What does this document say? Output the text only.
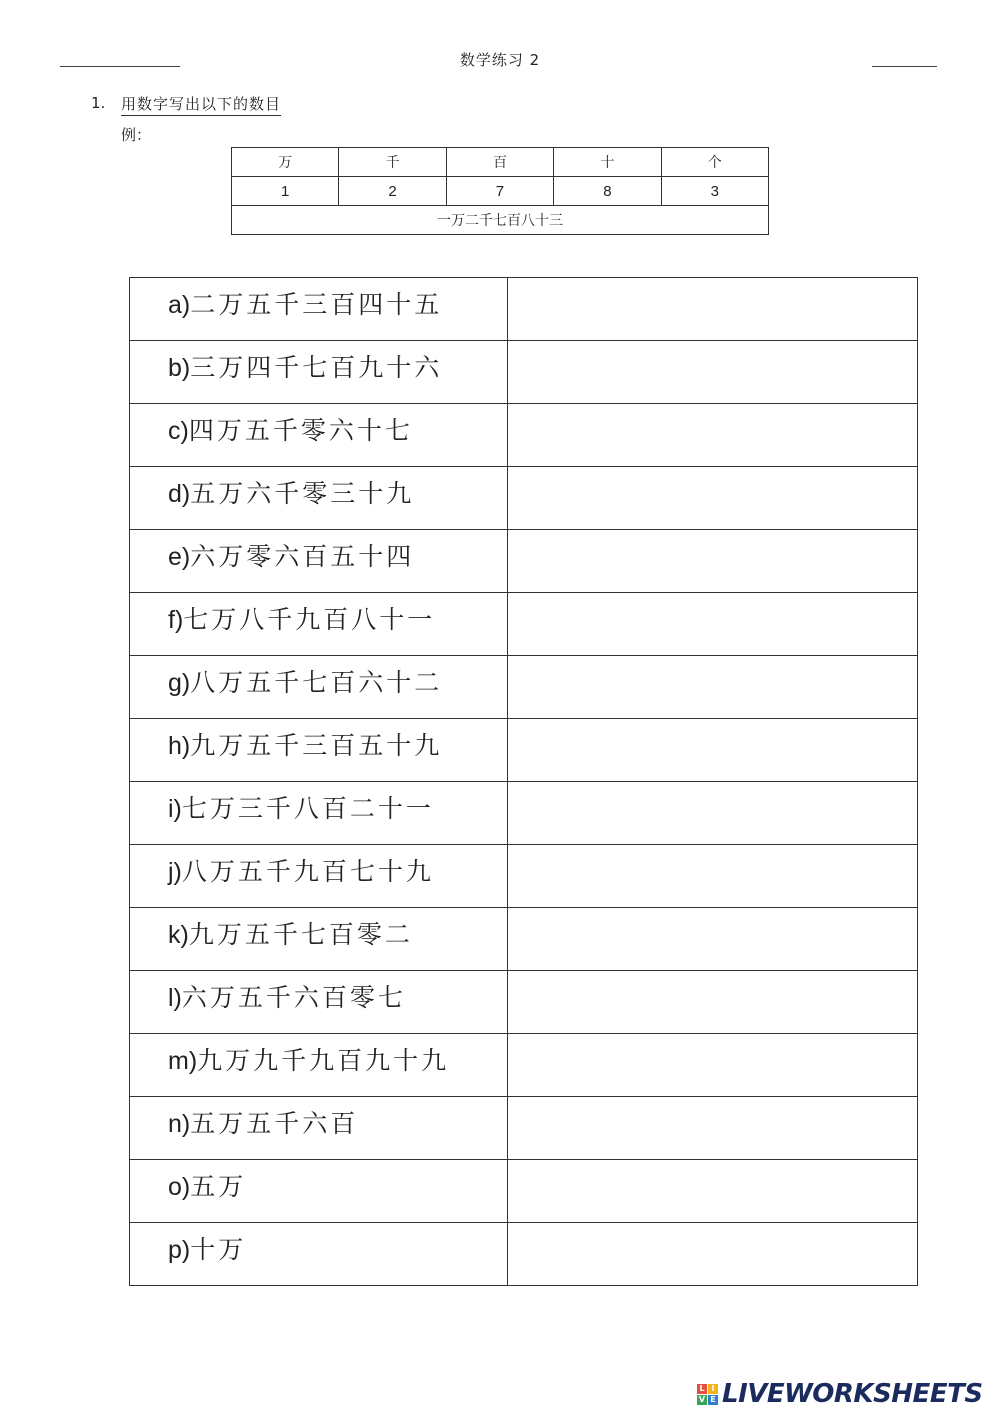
数学练习 2
1. 用数字写出以下的数目
例：
万	千	百	十	个
1	2	7	8	3
一万二千七百八十三				
a)二万五千三百四十五

b)三万四千七百九十六

c)四万五千零六十七

d)五万六千零三十九

e)六万零六百五十四

f)七万八千九百八十一

g)八万五千七百六十二

h)九万五千三百五十九

i)七万三千八百二十一

j)八万五千九百七十九

k)九万五千七百零二

l)六万五千六百零七

m)九万九千九百九十九

n)五万五千六百

o)五万

p)十万

L I
V E LIVEWORKSHEETS
